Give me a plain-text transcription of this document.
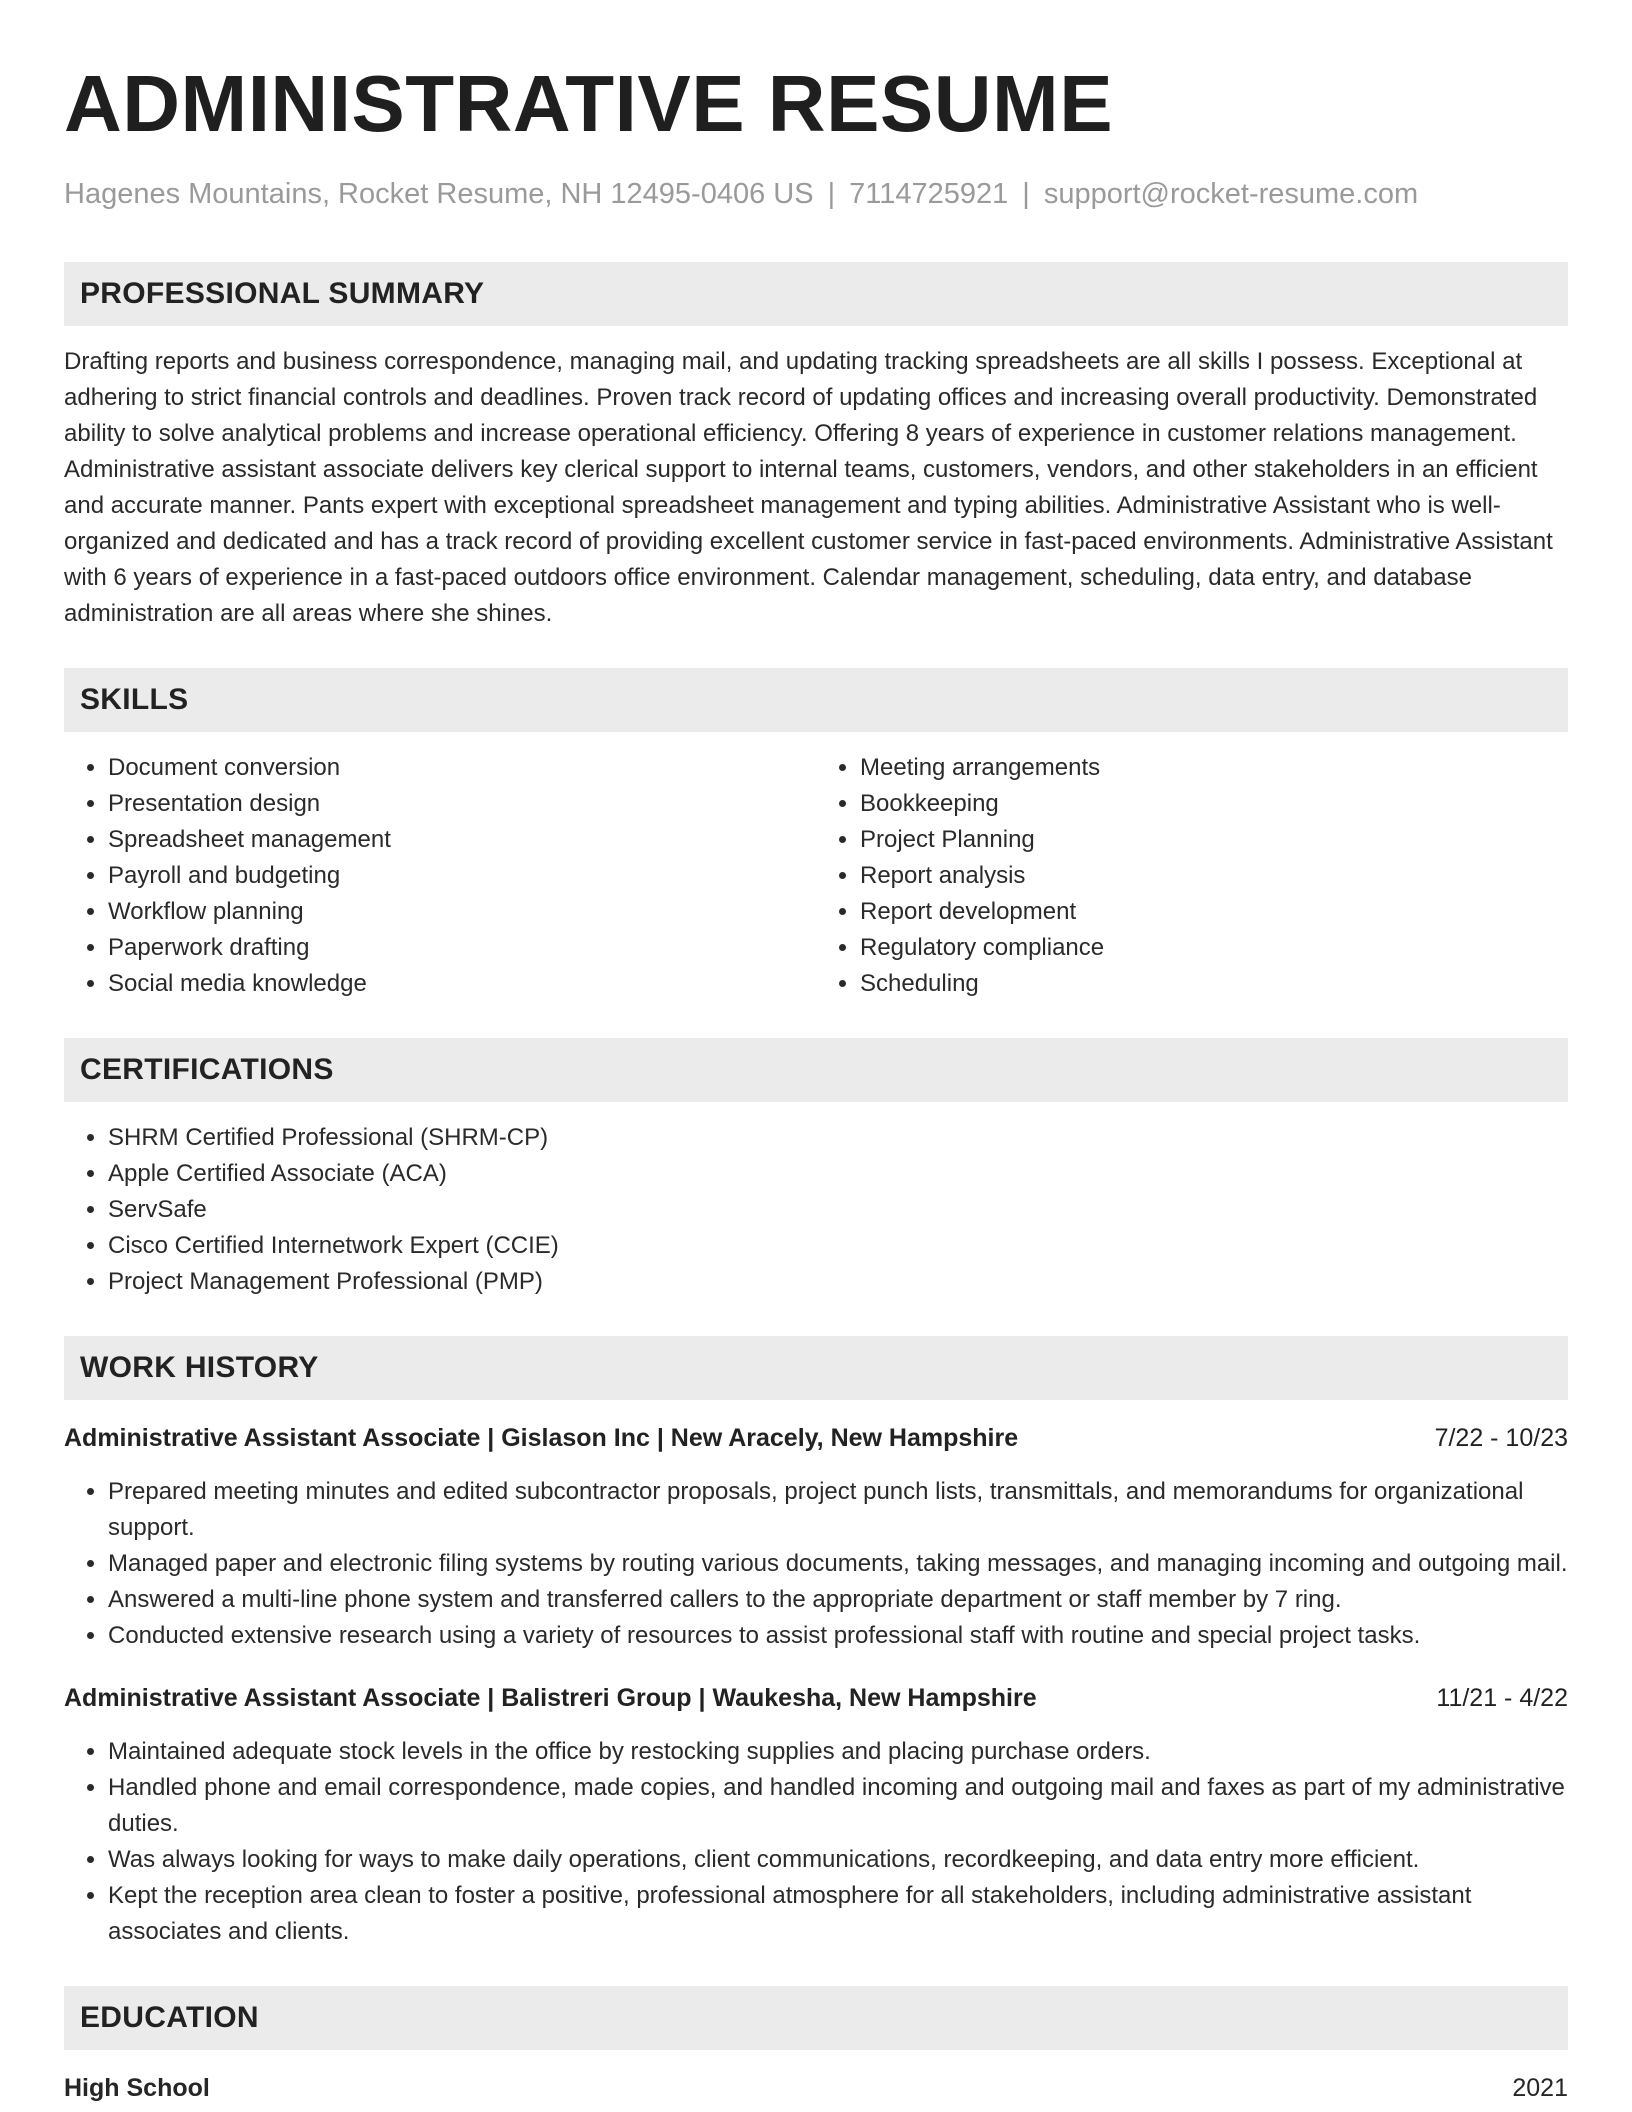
ADMINISTRATIVE RESUME
Hagenes Mountains, Rocket Resume, NH 12495-0406 US | 7114725921 | support@rocket-resume.com
PROFESSIONAL SUMMARY

Drafting reports and business correspondence, managing mail, and updating tracking spreadsheets are all skills I possess. Exceptional at adhering to strict financial controls and deadlines. Proven track record of updating offices and increasing overall productivity. Demonstrated ability to solve analytical problems and increase operational efficiency. Offering 8 years of experience in customer relations management. Administrative assistant associate delivers key clerical support to internal teams, customers, vendors, and other stakeholders in an efficient and accurate manner. Pants expert with exceptional spreadsheet management and typing abilities. Administrative Assistant who is well-organized and dedicated and has a track record of providing excellent customer service in fast-paced environments. Administrative Assistant with 6 years of experience in a fast-paced outdoors office environment. Calendar management, scheduling, data entry, and database administration are all areas where she shines.

SKILLS
• Document conversion
• Presentation design
• Spreadsheet management
• Payroll and budgeting
• Workflow planning
• Paperwork drafting
• Social media knowledge
• Meeting arrangements
• Bookkeeping
• Project Planning
• Report analysis
• Report development
• Regulatory compliance
• Scheduling
CERTIFICATIONS
• SHRM Certified Professional (SHRM-CP)
• Apple Certified Associate (ACA)
• ServSafe
• Cisco Certified Internetwork Expert (CCIE)
• Project Management Professional (PMP)
WORK HISTORY
Administrative Assistant Associate | Gislason Inc | New Aracely, New Hampshire	7/22 - 10/23
• Prepared meeting minutes and edited subcontractor proposals, project punch lists, transmittals, and memorandums for organizational support.
• Managed paper and electronic filing systems by routing various documents, taking messages, and managing incoming and outgoing mail.
• Answered a multi-line phone system and transferred callers to the appropriate department or staff member by 7 ring.
• Conducted extensive research using a variety of resources to assist professional staff with routine and special project tasks.
Administrative Assistant Associate | Balistreri Group | Waukesha, New Hampshire	11/21 - 4/22
• Maintained adequate stock levels in the office by restocking supplies and placing purchase orders.
• Handled phone and email correspondence, made copies, and handled incoming and outgoing mail and faxes as part of my administrative duties.
• Was always looking for ways to make daily operations, client communications, recordkeeping, and data entry more efficient.
• Kept the reception area clean to foster a positive, professional atmosphere for all stakeholders, including administrative assistant associates and clients.
EDUCATION
High School	2021
